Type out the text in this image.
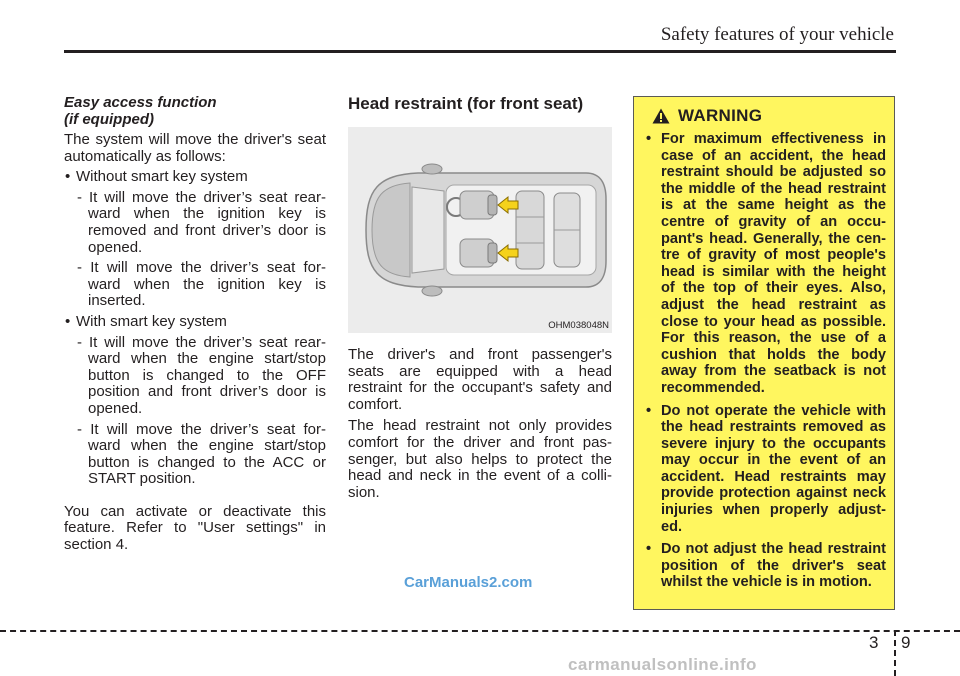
Safety features of your vehicle
Easy access function
(if equipped)

The system will move the driver's seat automatically as follows:

• Without smart key system

- It will move the driver’s seat rear-ward when the ignition key is removed and front driver’s door is opened.

- It will move the driver’s seat for-ward when the ignition key is inserted.

• With smart key system

- It will move the driver’s seat rear-ward when the engine start/stop button is changed to the OFF position and front driver’s door is opened.

- It will move the driver’s seat for-ward when the engine start/stop button is changed to the ACC or START position.

You can activate or deactivate this feature. Refer to "User settings" in section 4.

Head restraint (for front seat)
OHM038048N

The driver's and front passenger's seats are equipped with a head restraint for the occupant's safety and comfort.

The head restraint not only provides comfort for the driver and front pas-senger, but also helps to protect the head and neck in the event of a colli-sion.

WARNING

• For maximum effectiveness in case of an accident, the head restraint should be adjusted so the middle of the head restraint is at the same height as the centre of gravity of an occu-pant's head. Generally, the cen-tre of gravity of most people's head is similar with the height of the top of their eyes. Also, adjust the head restraint as close to your head as possible. For this reason, the use of a cushion that holds the body away from the seatback is not recommended.

• Do not operate the vehicle with the head restraints removed as severe injury to the occupants may occur in the event of an accident. Head restraints may provide protection against neck injuries when properly adjust-ed.

• Do not adjust the head restraint position of the driver's seat whilst the vehicle is in motion.

CarManuals2.com
3 9
carmanualsonline.info
